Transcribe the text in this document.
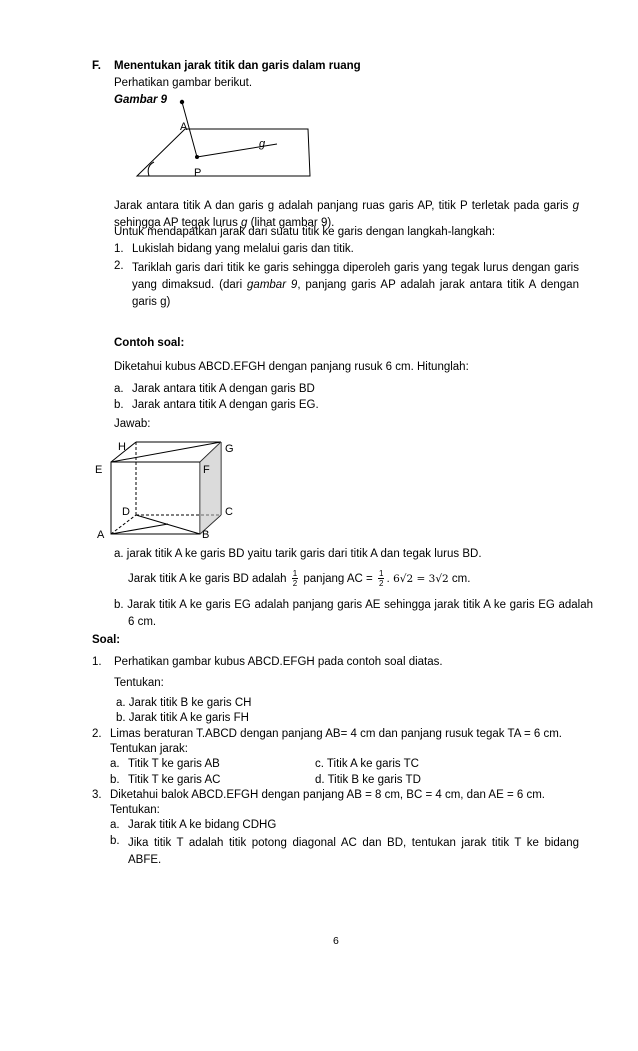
F. Menentukan jarak titik dan garis dalam ruang
Perhatikan gambar berikut.
Gambar 9
A
g
P
Jarak antara titik A dan garis g adalah panjang ruas garis AP, titik P terletak pada garis g sehingga AP tegak lurus g (lihat gambar 9).
Untuk mendapatkan jarak dari suatu titik ke garis dengan langkah-langkah:
1. Lukislah bidang yang melalui garis dan titik.
2. Tariklah garis dari titik ke garis sehingga diperoleh garis yang tegak lurus dengan garis yang dimaksud. (dari gambar 9, panjang garis AP adalah jarak antara titik A dengan garis g)
Contoh soal:
Diketahui kubus ABCD.EFGH dengan panjang rusuk 6 cm. Hitunglah:
a. Jarak antara titik A dengan garis BD
b. Jarak antara titik A dengan garis EG.
Jawab:
H	G
E	F
D	C
A	B
a. jarak titik A ke garis BD yaitu tarik garis dari titik A dan tegak lurus BD.
Jarak titik A ke garis BD adalah $\frac{1}{2}$ panjang AC = $\frac{1}{2}$ . 6√2 = 3√2 cm.
b. Jarak titik A ke garis EG adalah panjang garis AE sehingga jarak titik A ke garis EG adalah 6 cm.
Soal:
1. Perhatikan gambar kubus ABCD.EFGH pada contoh soal diatas.
Tentukan:
a. Jarak titik B ke garis CH
b. Jarak titik A ke garis FH
2. Limas beraturan T.ABCD dengan panjang AB= 4 cm dan panjang rusuk tegak TA = 6 cm.
Tentukan jarak:
a. Titik T ke garis AB	c. Titik A ke garis TC
b. Titik T ke garis AC	d. Titik B ke garis TD
3. Diketahui balok ABCD.EFGH dengan panjang AB = 8 cm, BC = 4 cm, dan AE = 6 cm.
Tentukan:
a. Jarak titik A ke bidang CDHG
b. Jika titik T adalah titik potong diagonal AC dan BD, tentukan jarak titik T ke bidang ABFE.
6
